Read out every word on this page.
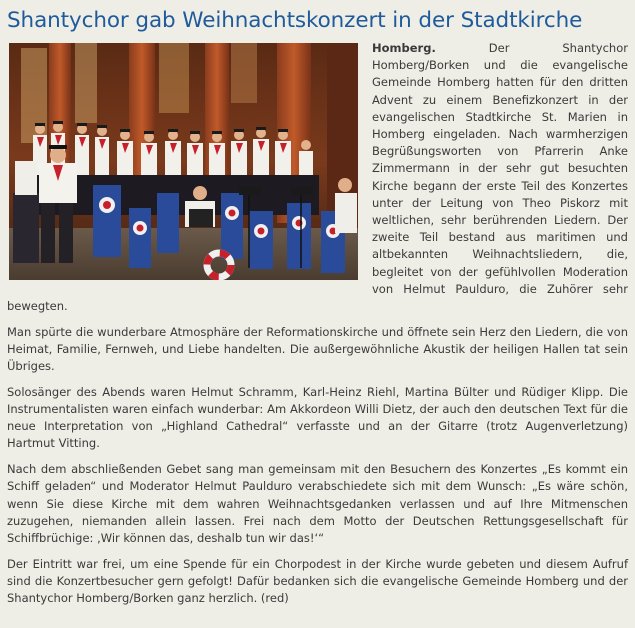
Shantychor gab Weihnachtskonzert in der Stadtkirche

Homberg. Der Shantychor Homberg/Borken und die evangelische Gemeinde Homberg hatten für den dritten Advent zu einem Benefizkonzert in der evangelischen Stadtkirche St. Marien in Homberg eingeladen. Nach warmherzigen Begrüßungsworten von Pfarrerin Anke Zimmermann in der sehr gut besuchten Kirche begann der erste Teil des Konzertes unter der Leitung von Theo Piskorz mit weltlichen, sehr berührenden Liedern. Der zweite Teil bestand aus maritimen und altbekannten Weihnachtsliedern, die, begleitet von der gefühlvollen Moderation von Helmut Paulduro, die Zuhörer sehr bewegten.

Man spürte die wunderbare Atmosphäre der Reformationskirche und öffnete sein Herz den Liedern, die von Heimat, Familie, Fernweh, und Liebe handelten. Die außergewöhnliche Akustik der heiligen Hallen tat sein Übriges.

Solosänger des Abends waren Helmut Schramm, Karl-Heinz Riehl, Martina Bülter und Rüdiger Klipp. Die Instrumentalisten waren einfach wunderbar: Am Akkordeon Willi Dietz, der auch den deutschen Text für die neue Interpretation von „Highland Cathedral“ verfasste und an der Gitarre (trotz Augenverletzung) Hartmut Vitting.

Nach dem abschließenden Gebet sang man gemeinsam mit den Besuchern des Konzertes „Es kommt ein Schiff geladen“ und Moderator Helmut Paulduro verabschiedete sich mit dem Wunsch: „Es wäre schön, wenn Sie diese Kirche mit dem wahren Weihnachtsgedanken verlassen und auf Ihre Mitmenschen zuzugehen, niemanden allein lassen. Frei nach dem Motto der Deutschen Rettungsgesellschaft für Schiffbrüchige: ‚Wir können das, deshalb tun wir das!‘“

Der Eintritt war frei, um eine Spende für ein Chorpodest in der Kirche wurde gebeten und diesem Aufruf sind die Konzertbesucher gern gefolgt! Dafür bedanken sich die evangelische Gemeinde Homberg und der Shantychor Homberg/Borken ganz herzlich. (red)
